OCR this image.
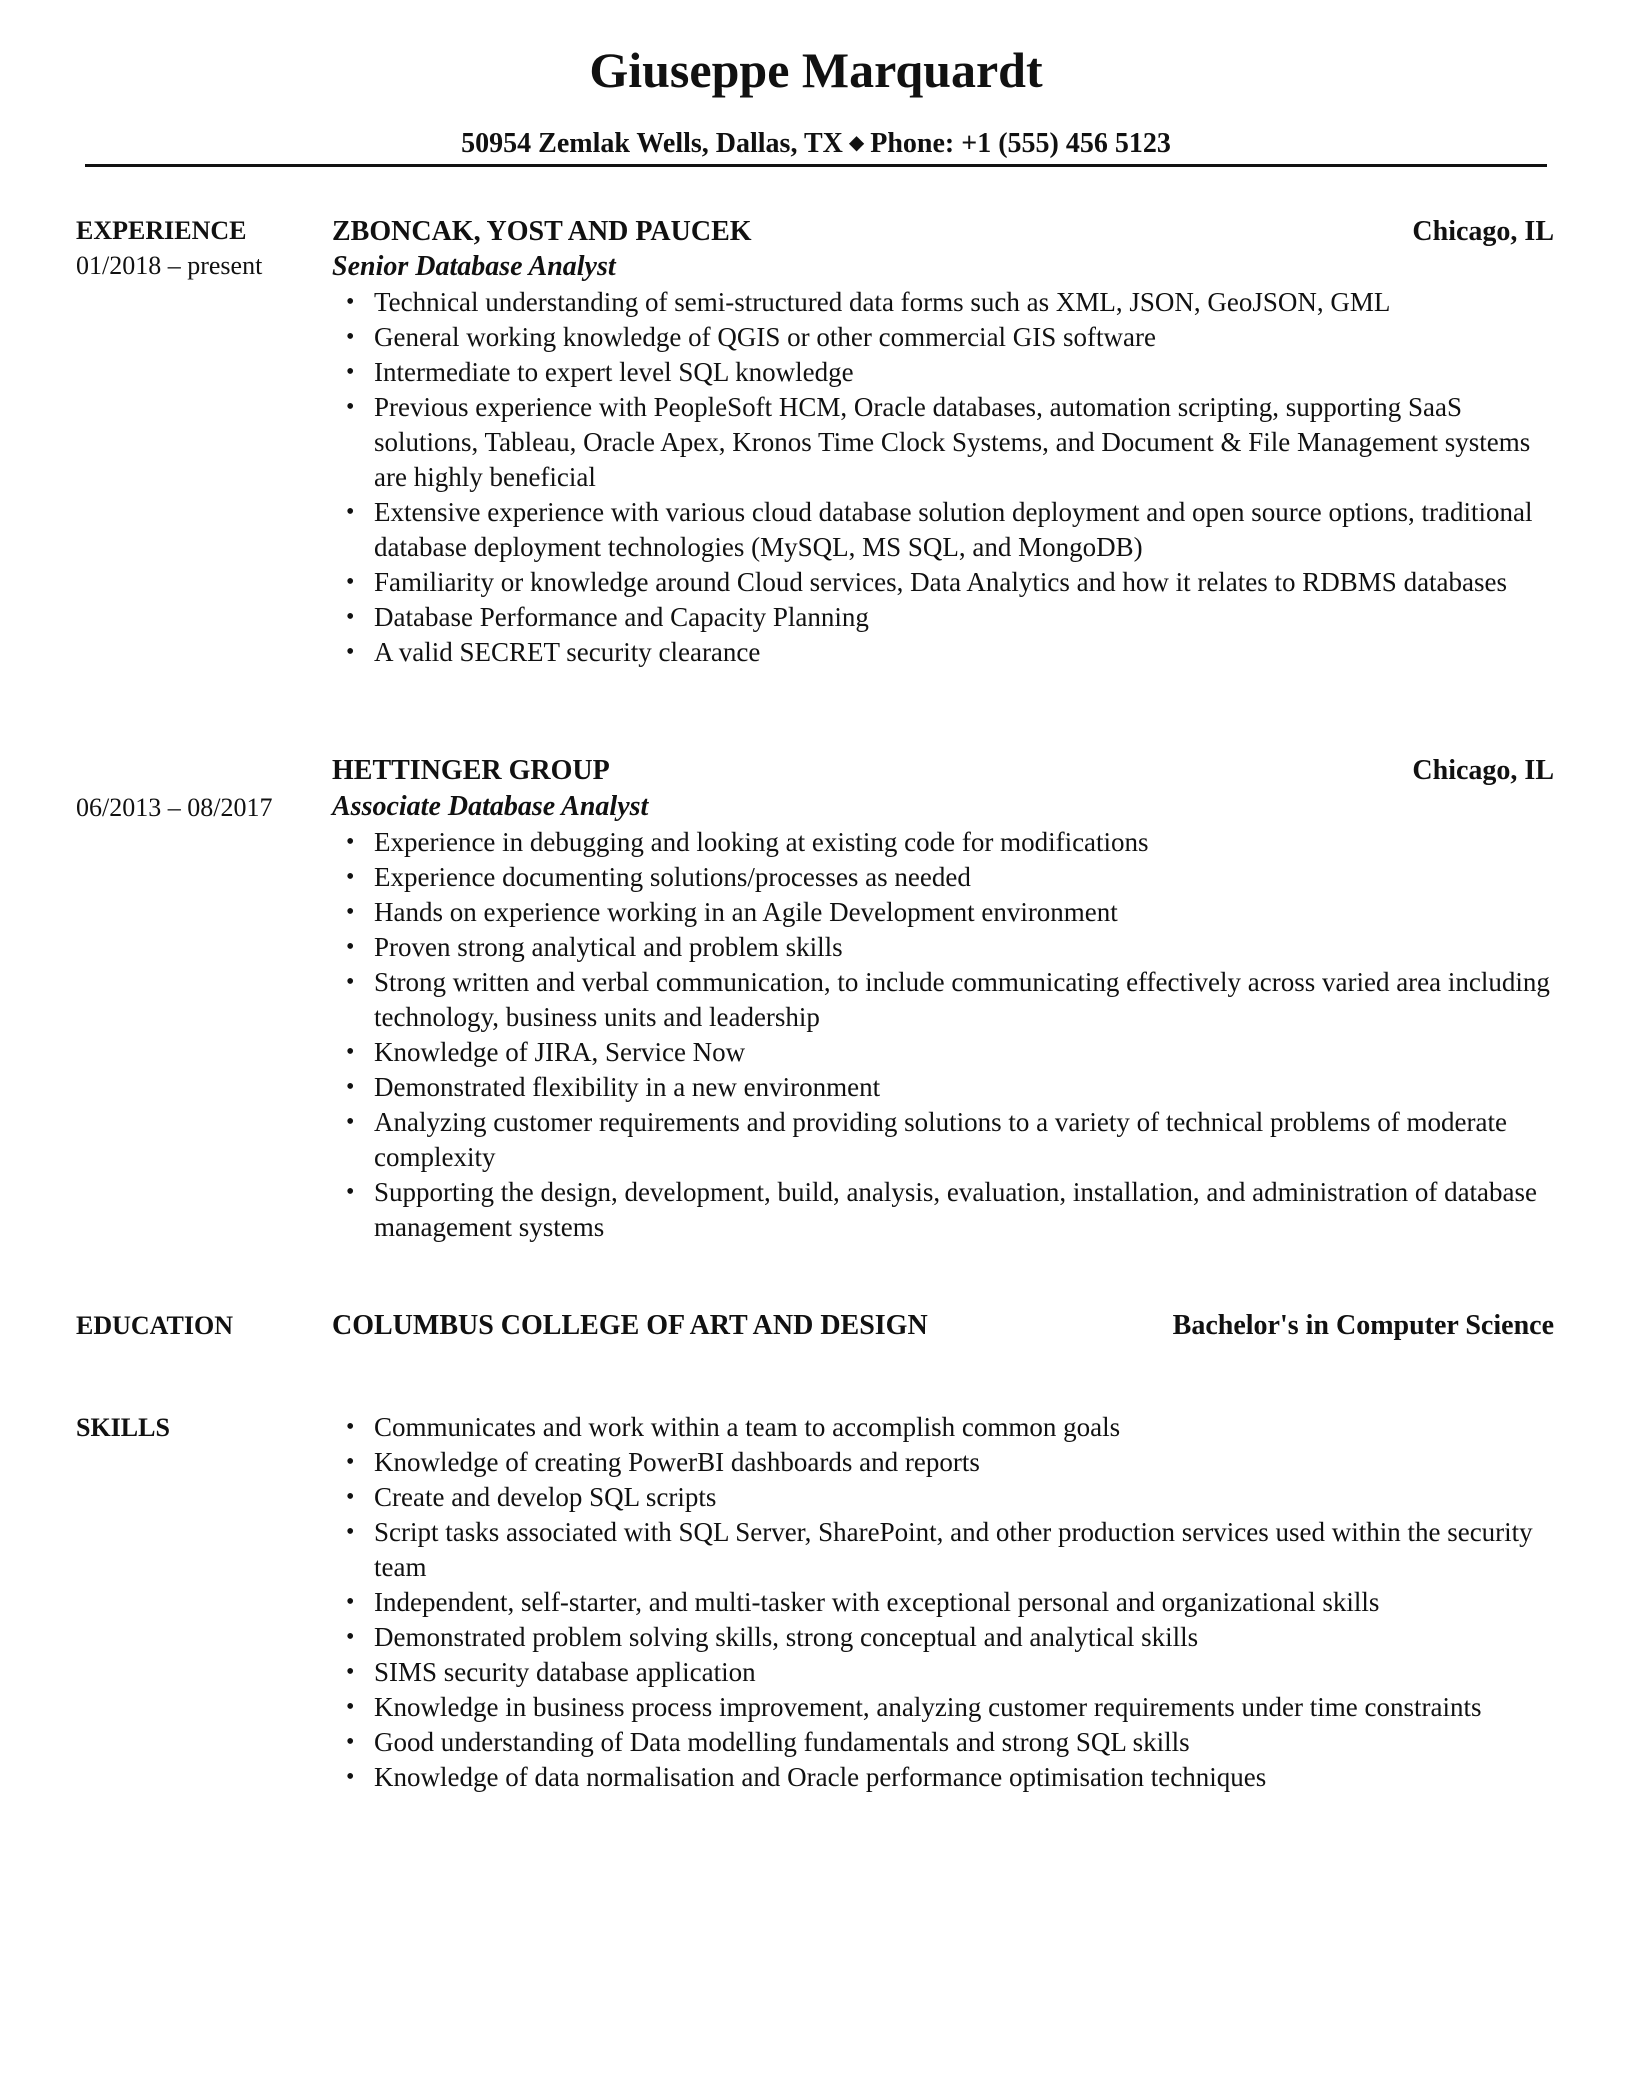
Giuseppe Marquardt
50954 Zemlak Wells, Dallas, TX ◆ Phone: +1 (555) 456 5123
EXPERIENCE
01/2018 – present
ZBONCAK, YOST AND PAUCEK	Chicago, IL
Senior Database Analyst
• Technical understanding of semi-structured data forms such as XML, JSON, GeoJSON, GML
• General working knowledge of QGIS or other commercial GIS software
• Intermediate to expert level SQL knowledge
• Previous experience with PeopleSoft HCM, Oracle databases, automation scripting, supporting SaaS solutions, Tableau, Oracle Apex, Kronos Time Clock Systems, and Document & File Management systems are highly beneficial
• Extensive experience with various cloud database solution deployment and open source options, traditional database deployment technologies (MySQL, MS SQL, and MongoDB)
• Familiarity or knowledge around Cloud services, Data Analytics and how it relates to RDBMS databases
• Database Performance and Capacity Planning
• A valid SECRET security clearance
06/2013 – 08/2017
HETTINGER GROUP	Chicago, IL
Associate Database Analyst
• Experience in debugging and looking at existing code for modifications
• Experience documenting solutions/processes as needed
• Hands on experience working in an Agile Development environment
• Proven strong analytical and problem skills
• Strong written and verbal communication, to include communicating effectively across varied area including technology, business units and leadership
• Knowledge of JIRA, Service Now
• Demonstrated flexibility in a new environment
• Analyzing customer requirements and providing solutions to a variety of technical problems of moderate complexity
• Supporting the design, development, build, analysis, evaluation, installation, and administration of database management systems
EDUCATION	COLUMBUS COLLEGE OF ART AND DESIGN	Bachelor's in Computer Science
SKILLS
•	Communicates and work within a team to accomplish common goals
• Knowledge of creating PowerBI dashboards and reports
• Create and develop SQL scripts
• Script tasks associated with SQL Server, SharePoint, and other production services used within the security team
• Independent, self-starter, and multi-tasker with exceptional personal and organizational skills
• Demonstrated problem solving skills, strong conceptual and analytical skills
• SIMS security database application
• Knowledge in business process improvement, analyzing customer requirements under time constraints
• Good understanding of Data modelling fundamentals and strong SQL skills
• Knowledge of data normalisation and Oracle performance optimisation techniques
